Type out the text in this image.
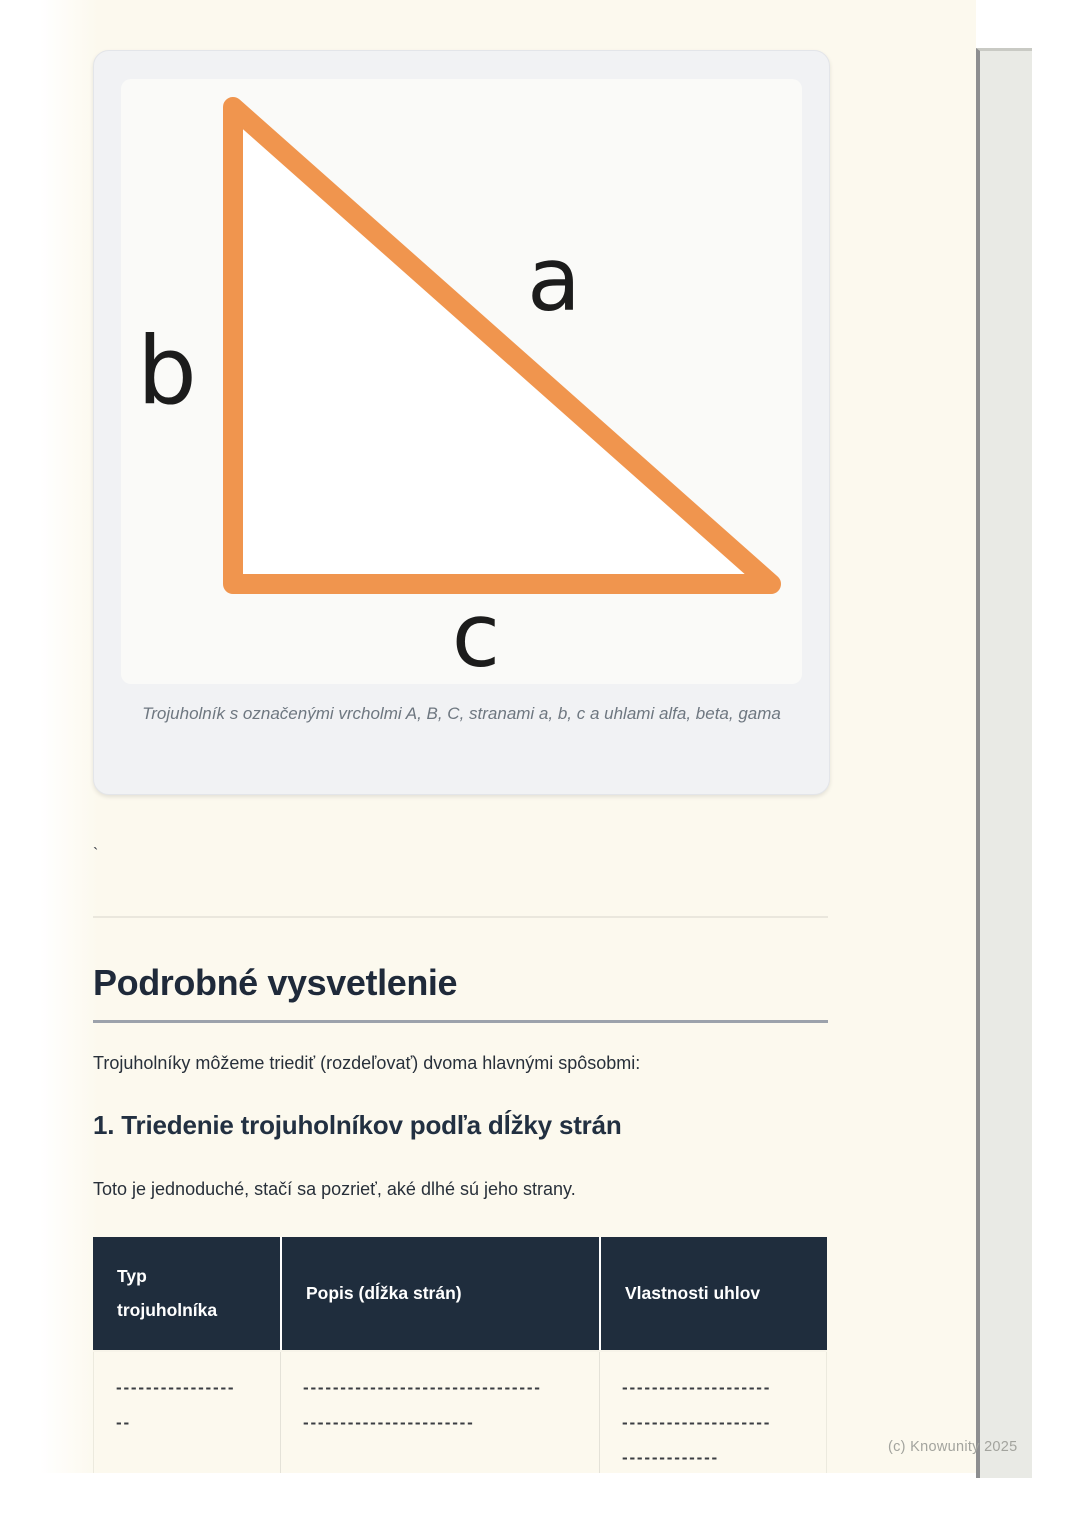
b
a
c
Trojuholník s označenými vrcholmi A, B, C, stranami a, b, c a uhlami alfa, beta, gama
`
Podrobné vysvetlenie
Trojuholníky môžeme triediť (rozdeľovať) dvoma hlavnými spôsobmi:
1. Triedenie trojuholníkov podľa dĺžky strán
Toto je jednoduché, stačí sa pozrieť, aké dlhé sú jeho strany.
Typ trojuholníka
Popis (dĺžka strán)	Vlastnosti uhlov
----------------
--
--------------------------------
-----------------------
--------------------
--------------------
-------------
(c) Knowunity 2025
